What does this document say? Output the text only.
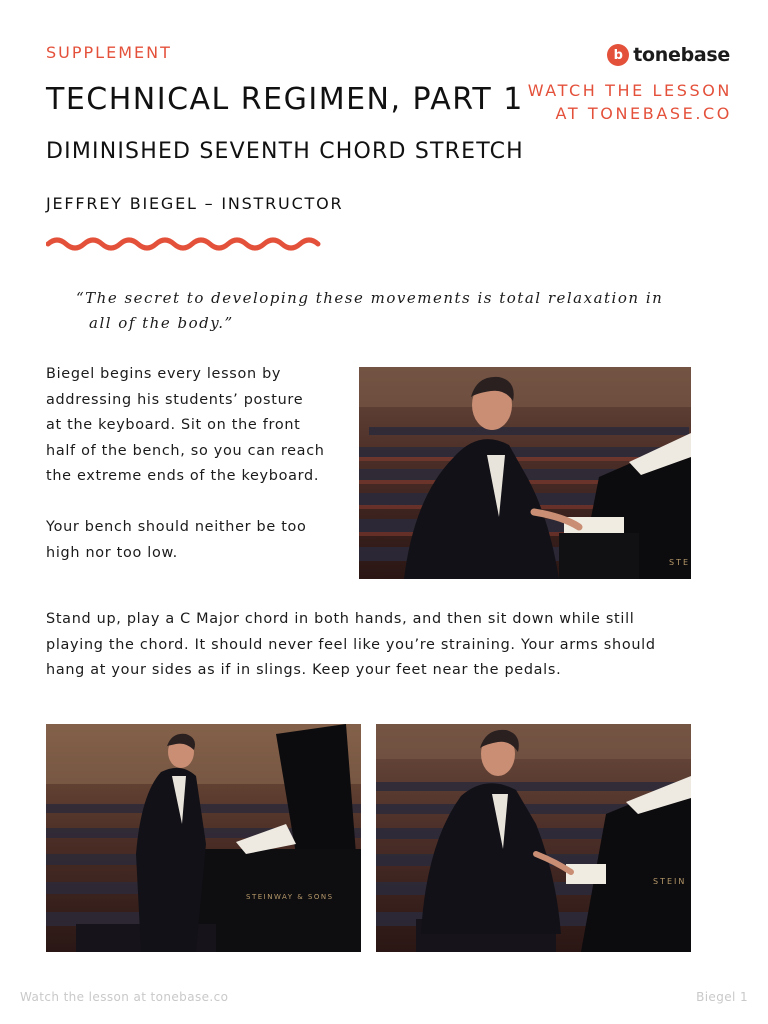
SUPPLEMENT
TECHNICAL REGIMEN, PART 1
DIMINISHED SEVENTH CHORD STRETCH
JEFFREY BIEGEL – INSTRUCTOR
b tonebase
WATCH THE LESSON
AT TONEBASE.CO
“The secret to developing these movements is total relaxation in
all of the body.”
Biegel begins every lesson by
addressing his students’ posture
at the keyboard. Sit on the front
half of the bench, so you can reach
the extreme ends of the keyboard.
Your bench should neither be too
high nor too low.
Stand up, play a C Major chord in both hands, and then sit down while still
playing the chord. It should never feel like you’re straining. Your arms should
hang at your sides as if in slings. Keep your feet near the pedals.
STE
STEINWAY & SONS
STEIN
Watch the lesson at tonebase.co	Biegel 1
